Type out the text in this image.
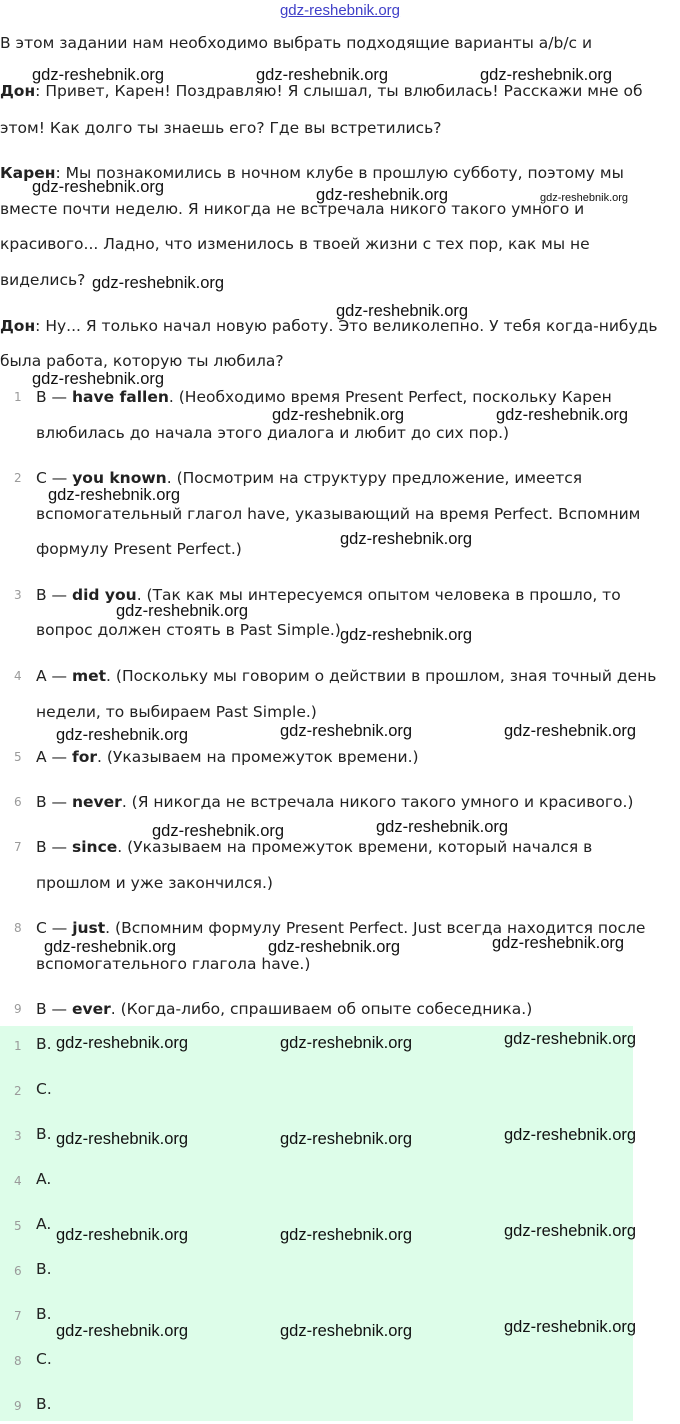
gdz-reshebnik.org
В этом задании нам необходимо выбрать подходящие варианты a/b/c и
Дон: Привет, Карен! Поздравляю! Я слышал, ты влюбилась! Расскажи мне об
этом! Как долго ты знаешь его? Где вы встретились?
Карен: Мы познакомились в ночном клубе в прошлую субботу, поэтому мы
вместе почти неделю. Я никогда не встречала никого такого умного и
красивого... Ладно, что изменилось в твоей жизни с тех пор, как мы не
виделись?
Дон: Ну... Я только начал новую работу. Это великолепно. У тебя когда-нибудь
была работа, которую ты любила?
1 B — have fallen. (Необходимо время Present Perfect, поскольку Карен
влюбилась до начала этого диалога и любит до сих пор.)
2 C — you known. (Посмотрим на структуру предложение, имеется
вспомогательный глагол have, указывающий на время Perfect. Вспомним
формулу Present Perfect.)
3 B — did you. (Так как мы интересуемся опытом человека в прошло, то
вопрос должен стоять в Past Simple.)
4 A — met. (Поскольку мы говорим о действии в прошлом, зная точный день
недели, то выбираем Past Simple.)
5 A — for. (Указываем на промежуток времени.)
6 B — never. (Я никогда не встречала никого такого умного и красивого.)
7 B — since. (Указываем на промежуток времени, который начался в
прошлом и уже закончился.)
8 C — just. (Вспомним формулу Present Perfect. Just всегда находится после
вспомогательного глагола have.)
9 B — ever. (Когда-либо, спрашиваем об опыте собеседника.)
1 B.
2 C.
3 B.
4 A.
5 A.
6 B.
7 B.
8 C.
9 B.
gdz-reshebnik.org	gdz-reshebnik.org	gdz-reshebnik.org
gdz-reshebnik.org	gdz-reshebnik.org	gdz-reshebnik.org
gdz-reshebnik.org
gdz-reshebnik.org
gdz-reshebnik.org
gdz-reshebnik.org	gdz-reshebnik.org
gdz-reshebnik.org
gdz-reshebnik.org
gdz-reshebnik.org
gdz-reshebnik.org
gdz-reshebnik.org	gdz-reshebnik.org	gdz-reshebnik.org
gdz-reshebnik.org	gdz-reshebnik.org
gdz-reshebnik.org	gdz-reshebnik.org	gdz-reshebnik.org
gdz-reshebnik.org	gdz-reshebnik.org	gdz-reshebnik.org
gdz-reshebnik.org	gdz-reshebnik.org	gdz-reshebnik.org
gdz-reshebnik.org	gdz-reshebnik.org	gdz-reshebnik.org
gdz-reshebnik.org	gdz-reshebnik.org	gdz-reshebnik.org
